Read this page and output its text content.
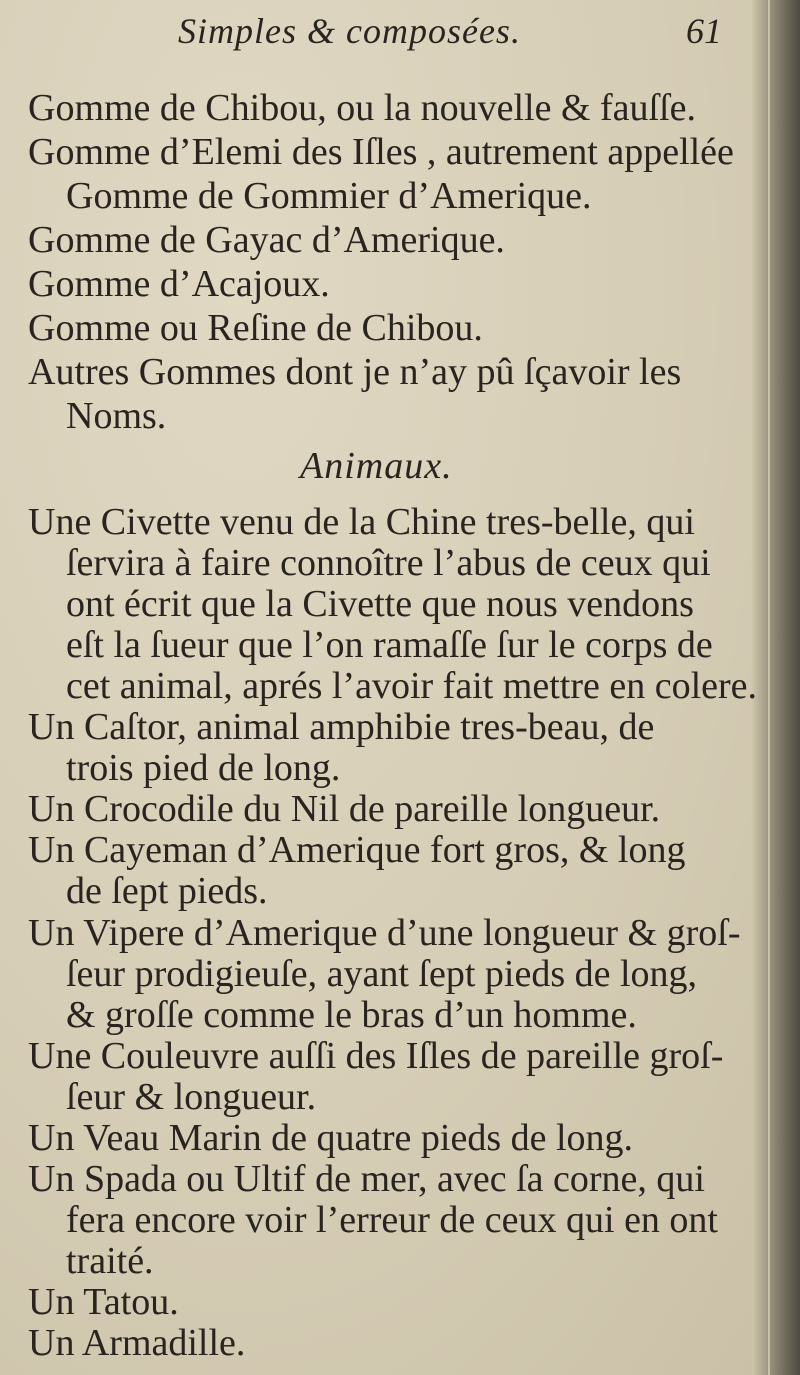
Simples & composées.	61
Gomme de Chibou, ou la nouvelle & fauſſe.
Gomme d’Elemi des Iſles , autrement appellée
Gomme de Gommier d’Amerique.
Gomme de Gayac d’Amerique.
Gomme d’Acajoux.
Gomme ou Reſine de Chibou.
Autres Gommes dont je n’ay pû ſçavoir les
Noms.
Animaux.
Une Civette venu de la Chine tres-belle, qui
ſervira à faire connoître l’abus de ceux qui
ont écrit que la Civette que nous vendons
eſt la ſueur que l’on ramaſſe ſur le corps de
cet animal, aprés l’avoir fait mettre en colere.
Un Caſtor, animal amphibie tres-beau, de
trois pied de long.
Un Crocodile du Nil de pareille longueur.
Un Cayeman d’Amerique fort gros, & long
de ſept pieds.
Un Vipere d’Amerique d’une longueur & groſ-
ſeur prodigieuſe, ayant ſept pieds de long,
& groſſe comme le bras d’un homme.
Une Couleuvre auſſi des Iſles de pareille groſ-
ſeur & longueur.
Un Veau Marin de quatre pieds de long.
Un Spada ou Ultif de mer, avec ſa corne, qui
fera encore voir l’erreur de ceux qui en ont
traité.
Un Tatou.
Un Armadille.
